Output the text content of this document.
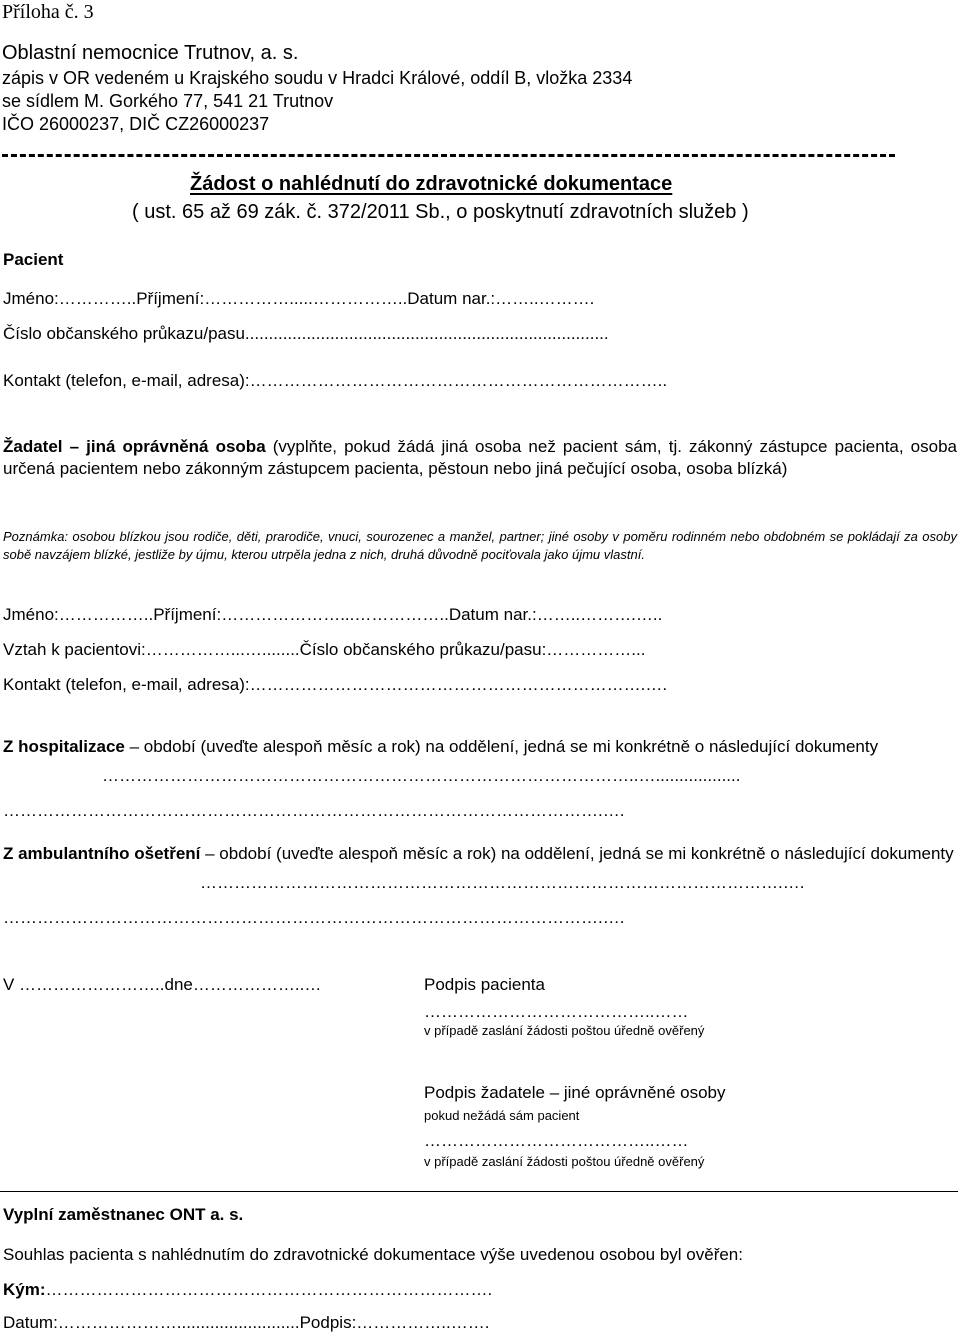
Příloha č. 3
Oblastní nemocnice Trutnov, a. s.
zápis v OR vedeném u Krajského soudu v Hradci Králové, oddíl B, vložka 2334
se sídlem M. Gorkého 77, 541 21 Trutnov
IČO 26000237, DIČ CZ26000237
Žádost o nahlédnutí do zdravotnické dokumentace
( ust. 65 až 69 zák. č. 372/2011 Sb., o poskytnutí zdravotních služeb )
Pacient
Jméno:…………..Příjmení:…………….....……………..Datum nar.:……..……….
Číslo občanského průkazu/pasu.............................................................................
Kontakt (telefon, e-mail, adresa):………………………………………………………………..
Žadatel – jiná oprávněná osoba (vyplňte, pokud žádá jiná osoba než pacient sám, tj. zákonný zástupce pacienta, osoba určená pacientem nebo zákonným zástupcem pacienta, pěstoun nebo jiná pečující osoba, osoba blízká)
Poznámka: osobou blízkou jsou rodiče, děti, prarodiče, vnuci, sourozenec a manžel, partner; jiné osoby v poměru rodinném nebo obdobném se pokládají za osoby sobě navzájem blízké, jestliže by újmu, kterou utrpěla jedna z nich, druhá důvodně pociťovala jako újmu vlastní.
Jméno:……………..Příjmení:…………………...……………..Datum nar.:……..……….…..
Vztah k pacientovi:……………...…........Číslo občanského průkazu/pasu:……………...
Kontakt (telefon, e-mail, adresa):…………………………………………………………….….
Z hospitalizace – období (uveďte alespoň měsíc a rok) na oddělení, jedná se mi konkrétně o následující dokumenty
…………………………………………………………………………………..…..................
…………………………………………………………………………………………….….
Z ambulantního ošetření – období (uveďte alespoň měsíc a rok) na oddělení, jedná se mi konkrétně o následující dokumenty
………………………………………………………………………………………….….
…………………………………………………………………………………………….….
V ……………………..dne………………..…	Podpis pacienta
…………………………………..……
v případě zaslání žádosti poštou úředně ověřený
Podpis žadatele – jiné oprávněné osoby
pokud nežádá sám pacient
…………………………………..……
v případě zaslání žádosti poštou úředně ověřený
Vyplní zaměstnanec ONT a. s.
Souhlas pacienta s nahlédnutím do zdravotnické dokumentace výše uvedenou osobou byl ověřen:
Kým:…………………………………………………………………….
Datum:…………………..........................Podpis:……………..…….
